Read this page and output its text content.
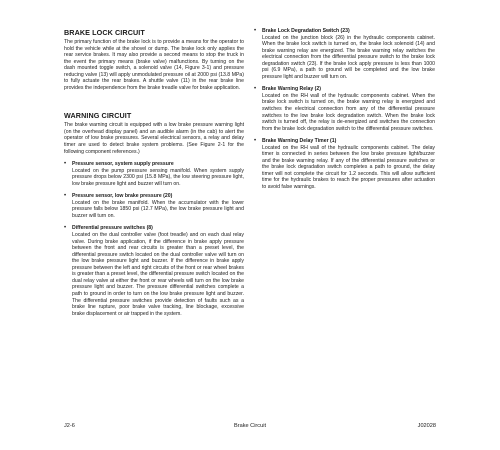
BRAKE LOCK CIRCUIT

The primary function of the brake lock is to provide a means for the operator to hold the vehicle while at the shovel or dump. The brake lock only applies the rear service brakes. It may also provide a second means to stop the truck in the event the primary means (brake valve) malfunctions. By turning on the dash mounted toggle switch, a solenoid valve (14, Figure 3-1) and pressure reducing valve (13) will apply unmodulated pressure oil at 2000 psi (13.8 MPa) to fully actuate the rear brakes. A shuttle valve (11) in the rear brake line provides the independence from the brake treadle valve for brake application.

WARNING CIRCUIT

The brake warning circuit is equipped with a low brake pressure warning light (on the overhead display panel) and an audible alarm (in the cab) to alert the operator of low brake pressures. Several electrical sensors, a relay and delay timer are used to detect brake system problems. (See Figure 2-1 for the following component references.)

• Pressure sensor, system supply pressure
Located on the pump pressure sensing manifold. When system supply pressure drops below 2300 psi (15.8 MPa), the low steering pressure light, low brake pressure light and buzzer will turn on.
• Pressure sensor, low brake pressure (20)
Located on the brake manifold. When the accumulator with the lower pressure falls below 1850 psi (12.7 MPa), the low brake pressure light and buzzer will turn on.
• Differential pressure switches (8)
Located on the dual controller valve (foot treadle) and on each dual relay valve. During brake application, if the difference in brake apply pressure between the front and rear circuits is greater than a preset level, the differential pressure switch located on the dual controller valve will turn on the low brake pressure light and buzzer. If the difference in brake apply pressure between the left and right circuits of the front or rear wheel brakes is greater than a preset level, the differential pressure switch located on the dual relay valve at either the front or rear wheels will turn on the low brake pressure light and buzzer. The pressure differential switches complete a path to ground in order to turn on the low brake pressure light and buzzer. The differential pressure switches provide detection of faults such as a brake line rupture, poor brake valve tracking, line blockage, excessive brake displacement or air trapped in the system.
• Brake Lock Degradation Switch (23)
Located on the junction block (26) in the hydraulic components cabinet. When the brake lock switch is turned on, the brake lock solenoid (14) and brake warning relay are energized. The brake warning relay switches the electrical connection from the differential pressure switch to the brake lock degradation switch (23). If the brake lock apply pressure is less than 1000 psi (6.9 MPa), a path to ground will be completed and the low brake pressure light and buzzer will turn on.
• Brake Warning Relay (2)
Located on the RH wall of the hydraulic components cabinet. When the brake lock switch is turned on, the brake warning relay is energized and switches the electrical connection from any of the differential pressure switches to the low brake lock degradation switch. When the brake lock switch is turned off, the relay is de-energized and switches the connection from the brake lock degradation switch to the differential pressure switches.
• Brake Warning Delay Timer (1)
Located on the RH wall of the hydraulic components cabinet. The delay timer is connected in series between the low brake pressure light/buzzer and the brake warning relay. If any of the differential pressure switches or the brake lock degradation switch completes a path to ground, the delay timer will not complete the circuit for 1.2 seconds. This will allow sufficient time for the hydraulic brakes to reach the proper pressures after actuation to avoid false warnings.
J2-6	Brake Circuit	J02028
